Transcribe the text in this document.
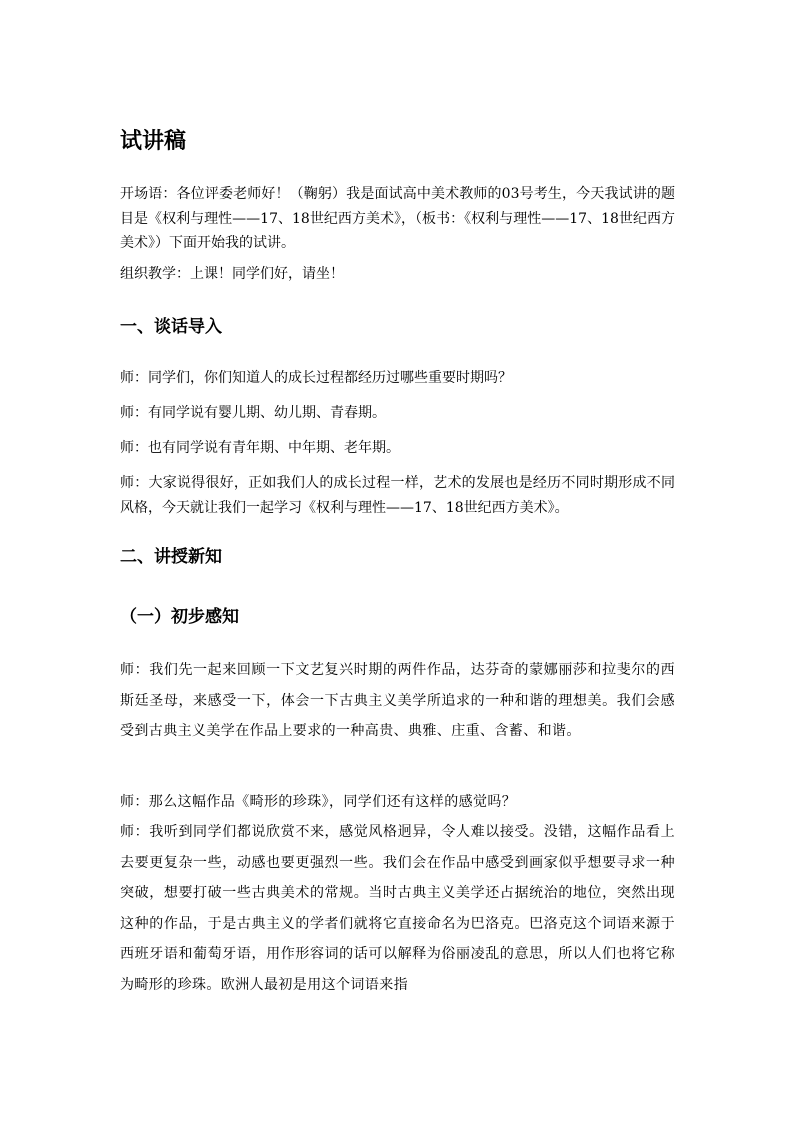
试讲稿

开场语：各位评委老师好！（鞠躬）我是面试高中美术教师的03号考生，今天我试讲的题目是《权利与理性——17、18世纪西方美术》，（板书：《权利与理性——17、18世纪西方美术》）下面开始我的试讲。

组织教学：上课！同学们好，请坐！

一、谈话导入

师：同学们，你们知道人的成长过程都经历过哪些重要时期吗？

师：有同学说有婴儿期、幼儿期、青春期。

师：也有同学说有青年期、中年期、老年期。

师：大家说得很好，正如我们人的成长过程一样，艺术的发展也是经历不同时期形成不同风格，今天就让我们一起学习《权利与理性——17、18世纪西方美术》。

二、讲授新知
（一）初步感知

师：我们先一起来回顾一下文艺复兴时期的两件作品，达芬奇的蒙娜丽莎和拉斐尔的西斯廷圣母，来感受一下，体会一下古典主义美学所追求的一种和谐的理想美。我们会感受到古典主义美学在作品上要求的一种高贵、典雅、庄重、含蓄、和谐。

师：那么这幅作品《畸形的珍珠》，同学们还有这样的感觉吗？

师：我听到同学们都说欣赏不来，感觉风格迥异，令人难以接受。没错，这幅作品看上去要更复杂一些，动感也要更强烈一些。我们会在作品中感受到画家似乎想要寻求一种突破，想要打破一些古典美术的常规。当时古典主义美学还占据统治的地位，突然出现这种的作品，于是古典主义的学者们就将它直接命名为巴洛克。巴洛克这个词语来源于西班牙语和葡萄牙语，用作形容词的话可以解释为俗丽凌乱的意思，所以人们也将它称为畸形的珍珠。欧洲人最初是用这个词语来指
